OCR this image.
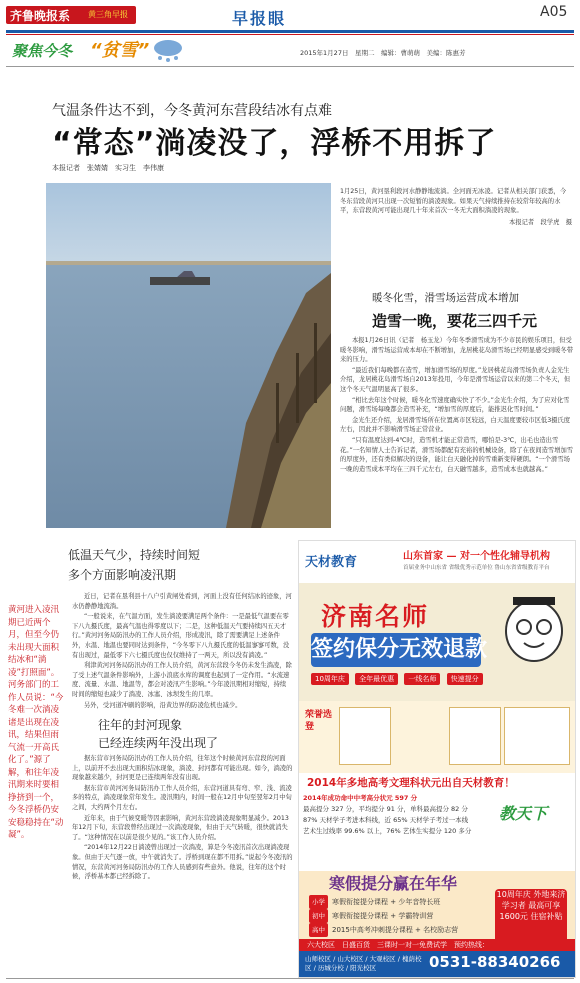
齐鲁晚报系 黄三角早报	早报眼	A05
聚焦今冬 “贫雪”	2015年1月27日　星期二　编辑：曹萌萌　美编：陈惠芳
气温条件达不到，今冬黄河东营段结冰有点难
“常态”淌凌没了，浮桥不用拆了
本报记者　张婧婧　实习生　李伟康
1月25日，黄河垦利段河水静静地流淌。全河面无冰凌。记者从相关部门获悉，今冬东营段黄河只出现一次短暂的淌凌现象。如果天气持续推持在较常年较高的水平，东营段黄河可能出现几十年来首次一冬无大面积淌凌的现象。
本报记者　段学虎　摄
暖冬化雪，滑雪场运营成本增加
造雪一晚，要花三四千元

本报1月26日讯（记者　杨玉龙）今年冬季滑雪成为不少市民的娱乐项目，但受暖冬影响，滑雪场运营成本却在不断增加，龙居桃花岛滑雪场已经明显感受到暖冬带来的压力。

“最近我们每晚都在造雪，增加滑雪场的厚度。”龙居桃花岛滑雪场负责人金光生介绍，龙居桃花岛滑雪场自2013年投用，今年是滑雪场运营以来的第二个冬天，但这个冬天气温明显高了很多。

“相比去年这个时候，暖冬化雪速度确实快了不少。”金光生介绍，为了应对化雪问题，滑雪场每晚都会造雪补充，“增加雪的厚度后，能推迟化雪时间。”

金光生还介绍，龙居滑雪场所在位置离市区较远，白天温度要较市区低3摄氏度左右，因此并不影响滑雪场正常营业。

“只有温度达到-4℃时，造雪机才能正常造雪，哪怕是-3℃，出毛也造出雪花。”一名知情人士告诉记者，滑雪场都配有充裕的机械设备，除了在夜间造雪增加雪的厚度外，还有类似解决的设备，能让白天融化掉的雪重新变得硬朗。“一个滑雪场一晚的造雪成本平均在三四千元左右，白天融雪越多，造雪成本也就越高。”

低温天气少，持续时间短
多个方面影响凌汛期
黄河进入凌汛期已近两个月，但至今仍未出现大面积结冰和“淌凌”打照面”。河务部门的工作人员说：“今冬难一次淌凌诸是出现在凌讯，结果但雨气流一开高氏化了。”源了解，和往年凌汛期来时要相挣挤到一个，今冬浮桥仍安安稳稳持在“动凝”。

近日，记者在垦利县十八户引黄闸处看到，河面上没有任何结冰的迹象，河水仍静静地流淌。

“一般说来，在气温方面，发生淌凌要满足两个条件：一是最低气温要在零下八九摄氏度，最高气温也得零度以下；二是，这种低温天气要持续四五天才行。”黄河河务局防汛办的工作人员介绍，形成凌汛，除了需要满足上述条件外，水温、地温也要同时达到条件，“今冬零下八九摄氏度的低温寥寥可数，没有出现过，最低零下六七摄氏度也仅仅维持了一两天，所以没有淌凌。”

利津黄河河务局防汛办的工作人员介绍，黄河东营段今冬仍未发生淌凌，除了受上述气温条件影响外，上游小浪底水库的调度也起到了一定作用。“水流速度、流量、水温、地温等，都会对凌汛产生影响。”今年凌汛期相对缩短，持续时间的缩短也减少了淌凌、冰塞、冰坝发生的几率。

另外，受河道冲刷的影响，沿黄边界的防凌危机也减少。

往年的封河现象
已经连续两年没出现了

据东营市河务局防汛办的工作人员介绍，往年这个时候黄河东营段的河面上，以前开不去出现大面积结冰现象，淌凌、封河都有可能出现。如今，淌凌的现象越来越少，封河更是已连续两年没有出现。

据东营市黄河河务局防汛办工作人员介绍，东营河道具有弯、窄、浅、流凌多的特点，淌凌现象常年发生。凌汛期内，时间一般在12月中旬至翌年2月中旬之间，大约两个月左右。

近年来，由于气候变暖等因素影响，黄河东营段淌凌现象明显减少。2013年12月下旬，东营段曾经出现过一次淌凌现象，但由于天气转暖，很快就消失了。“这种情况在以前是很少见的。”该工作人员介绍。

“2014年12月22日淌凌曾出现过一次淌凌，算是今冬凌汛首次出现淌凌现象。但由于天气逐一放，中午就消失了。浮桥到现在都不用拆。”说起今冬凌汛的情况，东营黄河河务局防汛办的工作人员感到有些意外。他说，往年的这个时候，浮桥基本都已经拆除了。

天材教育	山东首家 — 对一个性化辅导机构
首届业务中山东省 省级优秀示范单位 鲁山东省省级教育平台
济南名师
签约保分无效退款
10周年庆 全年最优惠 一线名师 快速提分
荣誉选登
2014年多地高考文理科状元出自天材教育！
2014年成功命中中考高分状元 597 分
最高提分 327 分，平均提分 91 分，单科最高提分 82 分
87% 天材学子考进本科线，近 65% 天材学子考过一本线
艺术生过线率 99.6% 以上，76% 艺体生实提分 120 多分
教天下
寒假提分赢在年华
小学 寒假衔接提分课程 + 少年音特长班
初中 寒假衔接提分课程 + 学霸特训营
高中 2015中高考冲刺提分课程 + 名校励志营
10周年庆 外地来济学习者 最高可享 1600元 住宿补贴
六大校区　日盛百货　三课时一对一免费试学　预约热线：
山师校区 / 山大校区 / 大观校区 / 槐荫校区 / 历城分校 / 阳光校区	0531-88340266
